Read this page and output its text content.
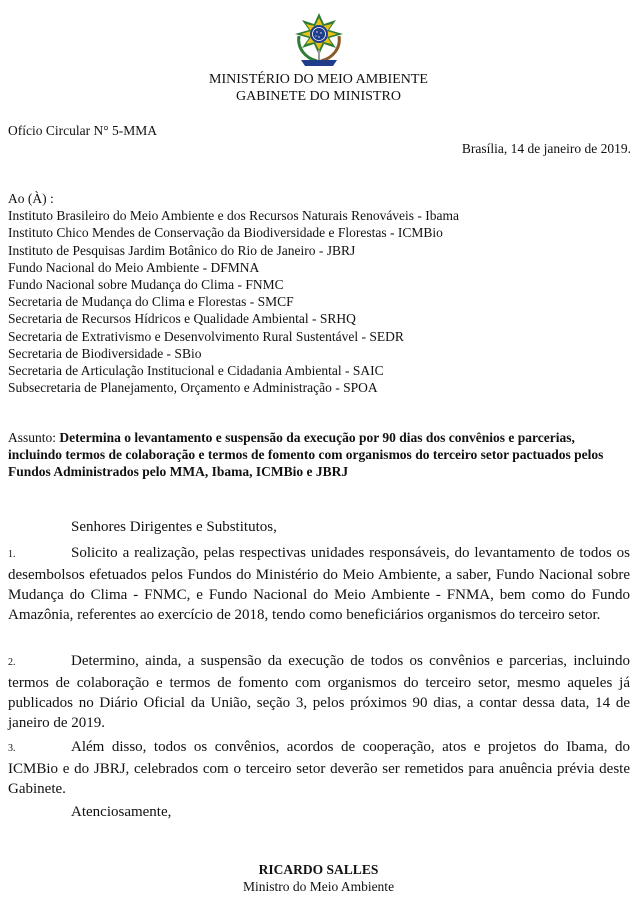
MINISTÉRIO DO MEIO AMBIENTE
GABINETE DO MINISTRO
Ofício Circular N° 5-MMA
Brasília, 14 de janeiro de 2019.
Ao (À) :
Instituto Brasileiro do Meio Ambiente e dos Recursos Naturais Renováveis - Ibama
Instituto Chico Mendes de Conservação da Biodiversidade e Florestas - ICMBio
Instituto de Pesquisas Jardim Botânico do Rio de Janeiro - JBRJ
Fundo Nacional do Meio Ambiente - DFMNA
Fundo Nacional sobre Mudança do Clima - FNMC
Secretaria de Mudança do Clima e Florestas - SMCF
Secretaria de Recursos Hídricos e Qualidade Ambiental - SRHQ
Secretaria de Extrativismo e Desenvolvimento Rural Sustentável - SEDR
Secretaria de Biodiversidade - SBio
Secretaria de Articulação Institucional e Cidadania Ambiental - SAIC
Subsecretaria de Planejamento, Orçamento e Administração - SPOA
Assunto: Determina o levantamento e suspensão da execução por 90 dias dos convênios e parcerias, incluindo termos de colaboração e termos de fomento com organismos do terceiro setor pactuados pelos Fundos Administrados pelo MMA, Ibama, ICMBio e JBRJ
Senhores Dirigentes e Substitutos,
1.	Solicito a realização, pelas respectivas unidades responsáveis, do levantamento de todos os desembolsos efetuados pelos Fundos do Ministério do Meio Ambiente, a saber, Fundo Nacional sobre Mudança do Clima - FNMC, e Fundo Nacional do Meio Ambiente - FNMA, bem como do Fundo Amazônia, referentes ao exercício de 2018, tendo como beneficiários organismos do terceiro setor.
2.	Determino, ainda, a suspensão da execução de todos os convênios e parcerias, incluindo termos de colaboração e termos de fomento com organismos do terceiro setor, mesmo aqueles já publicados no Diário Oficial da União, seção 3, pelos próximos 90 dias, a contar dessa data, 14 de janeiro de 2019.
3.	Além disso, todos os convênios, acordos de cooperação, atos e projetos do Ibama, do ICMBio e do JBRJ, celebrados com o terceiro setor deverão ser remetidos para anuência prévia deste Gabinete.
Atenciosamente,
RICARDO SALLES
Ministro do Meio Ambiente
